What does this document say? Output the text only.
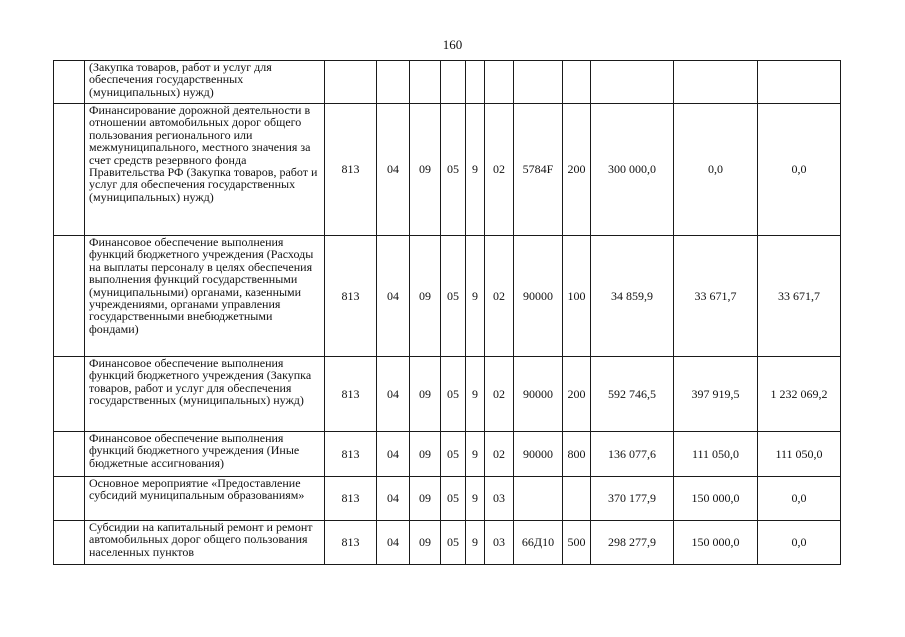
160
	(Закупка товаров, работ и услуг для обеспечения государственных (муниципальных) нужд)											
	Финансирование дорожной деятельности в отношении автомобильных дорог общего пользования регионального или межмуниципального, местного значения за счет средств резервного фонда Правительства РФ (Закупка товаров, работ и услуг для обеспечения государственных (муниципальных) нужд)	813	04	09	05	9	02	5784F	200	300 000,0	0,0	0,0
	Финансовое обеспечение выполнения функций бюджетного учреждения (Расходы на выплаты персоналу в целях обеспечения выполнения функций государственными (муниципальными) органами, казенными учреждениями, органами управления государственными внебюджетными фондами)	813	04	09	05	9	02	90000	100	34 859,9	33 671,7	33 671,7
	Финансовое обеспечение выполнения функций бюджетного учреждения (Закупка товаров, работ и услуг для обеспечения государственных (муниципальных) нужд)	813	04	09	05	9	02	90000	200	592 746,5	397 919,5	1 232 069,2
	Финансовое обеспечение выполнения функций бюджетного учреждения (Иные бюджетные ассигнования)	813	04	09	05	9	02	90000	800	136 077,6	111 050,0	111 050,0
	Основное мероприятие «Предоставление субсидий муниципальным образованиям»	813	04	09	05	9	03			370 177,9	150 000,0	0,0
	Субсидии на капитальный ремонт и ремонт автомобильных дорог общего пользования населенных пунктов	813	04	09	05	9	03	66Д10	500	298 277,9	150 000,0	0,0
